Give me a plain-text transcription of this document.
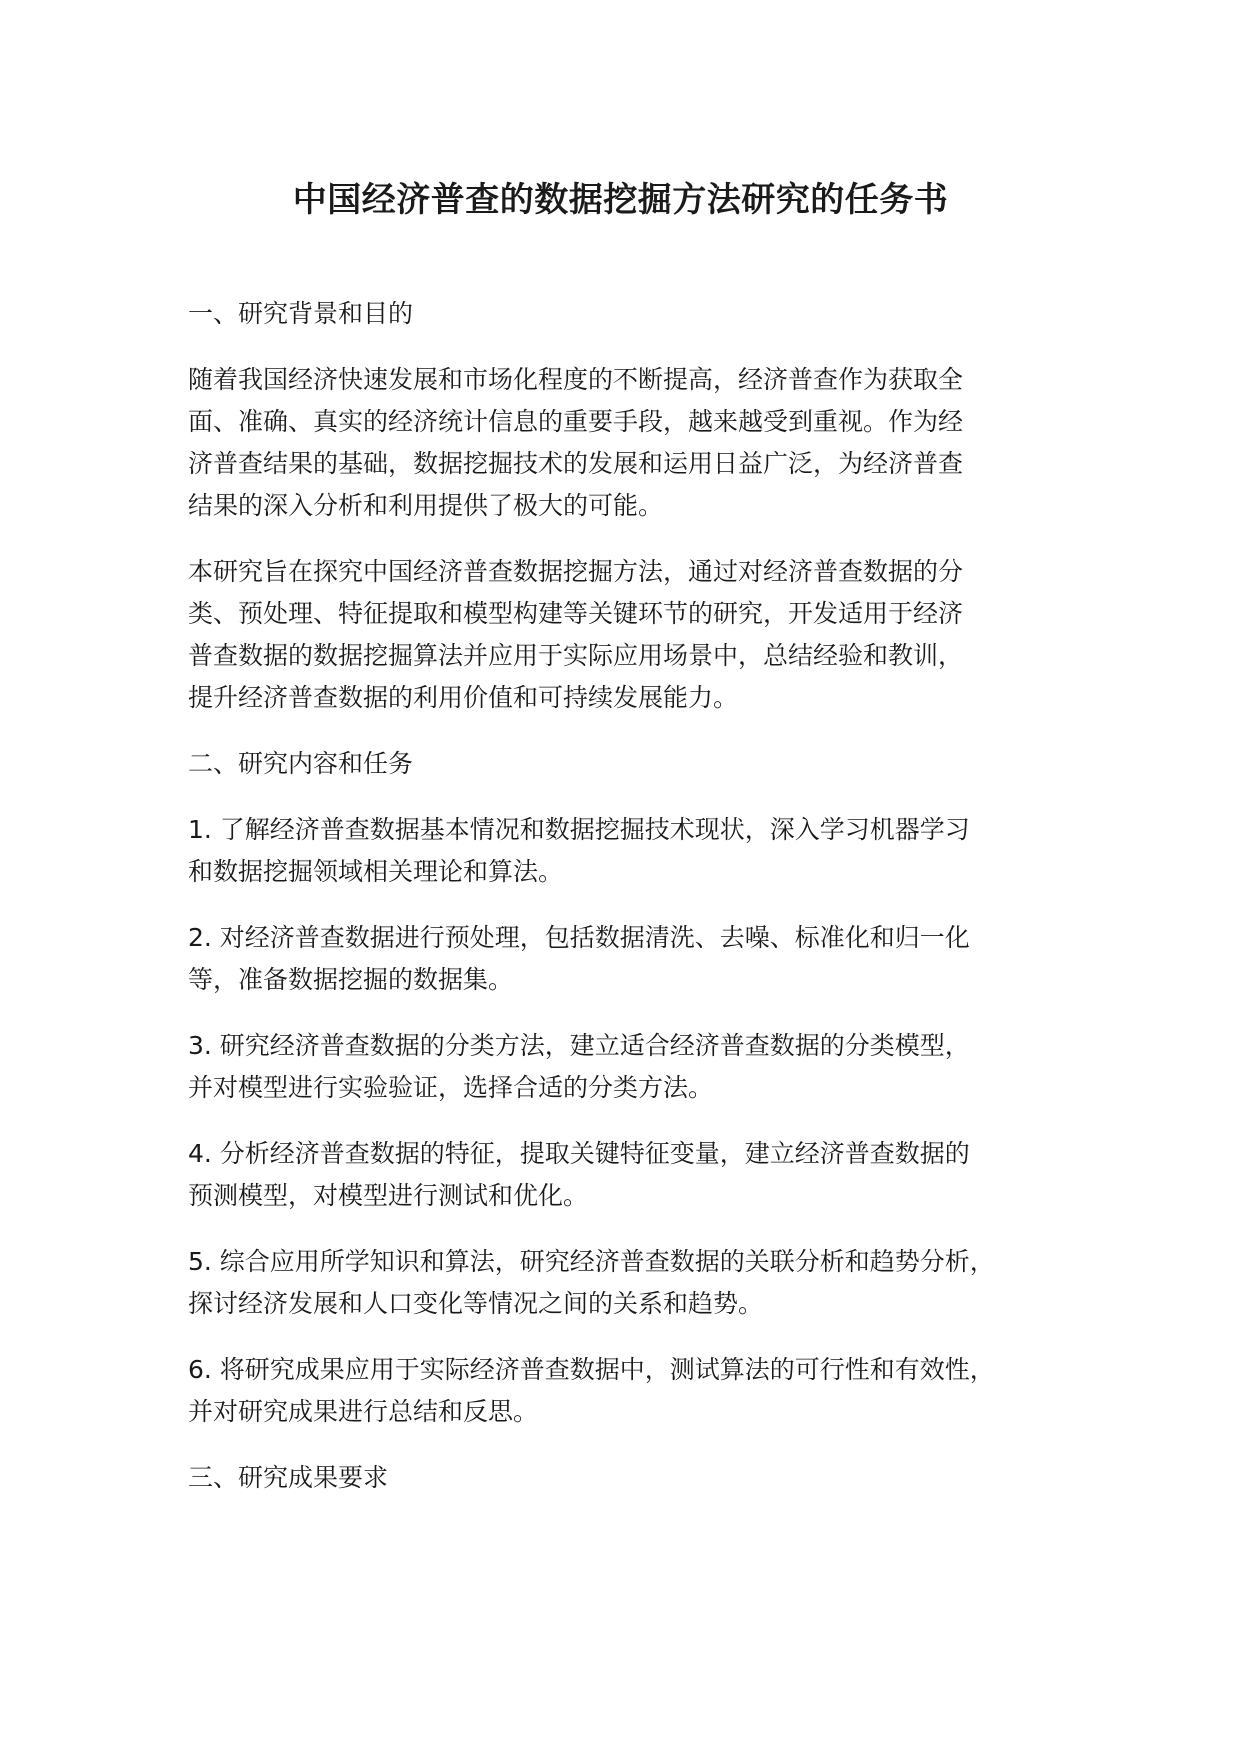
中国经济普查的数据挖掘方法研究的任务书
一、研究背景和目的
随着我国经济快速发展和市场化程度的不断提高，经济普查作为获取全
面、准确、真实的经济统计信息的重要手段，越来越受到重视。作为经
济普查结果的基础，数据挖掘技术的发展和运用日益广泛，为经济普查
结果的深入分析和利用提供了极大的可能。
本研究旨在探究中国经济普查数据挖掘方法，通过对经济普查数据的分
类、预处理、特征提取和模型构建等关键环节的研究，开发适用于经济
普查数据的数据挖掘算法并应用于实际应用场景中，总结经验和教训，
提升经济普查数据的利用价值和可持续发展能力。
二、研究内容和任务
1. 了解经济普查数据基本情况和数据挖掘技术现状，深入学习机器学习
和数据挖掘领域相关理论和算法。
2. 对经济普查数据进行预处理，包括数据清洗、去噪、标准化和归一化
等，准备数据挖掘的数据集。
3. 研究经济普查数据的分类方法，建立适合经济普查数据的分类模型，
并对模型进行实验验证，选择合适的分类方法。
4. 分析经济普查数据的特征，提取关键特征变量，建立经济普查数据的
预测模型，对模型进行测试和优化。
5. 综合应用所学知识和算法，研究经济普查数据的关联分析和趋势分析，
探讨经济发展和人口变化等情况之间的关系和趋势。
6. 将研究成果应用于实际经济普查数据中，测试算法的可行性和有效性，
并对研究成果进行总结和反思。
三、研究成果要求
